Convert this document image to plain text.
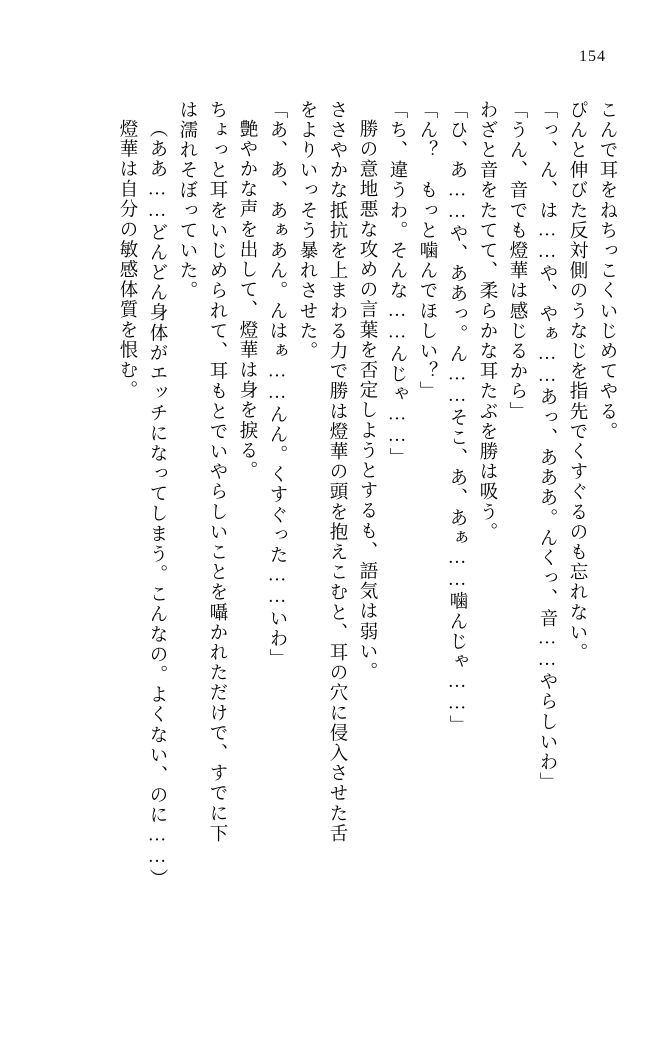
154
こんで耳をねちっこくいじめてやる。
ぴんと伸びた反対側のうなじを指先でくすぐるのも忘れない。
「っ、ん、は……や、やぁ……あっ、あああ。んくっ、音……やらしいわ」
「うん、音でも燈華は感じるから」
わざと音をたてて、柔らかな耳たぶを勝は吸う。
「ひ、あ……や、ああっ。ん……そこ、あ、あぁ……噛んじゃ……」
「ん？　もっと噛んでほしい？」
「ち、違うわ。そんな……んじゃ……」
勝の意地悪な攻めの言葉を否定しようとするも、語気は弱い。
ささやかな抵抗を上まわる力で勝は燈華の頭を抱えこむと、耳の穴に侵入させた舌
をよりいっそう暴れさせた。
「あ、あ、あぁあん。んはぁ……んん。くすぐった……いわ」
艶やかな声を出して、燈華は身を捩る。
ちょっと耳をいじめられて、耳もとでいやらしいことを囁かれただけで、すでに下
は濡れそぼっていた。
（ああ……どんどん身体がエッチになってしまう。こんなの。よくない、のに……）
燈華は自分の敏感体質を恨む。
